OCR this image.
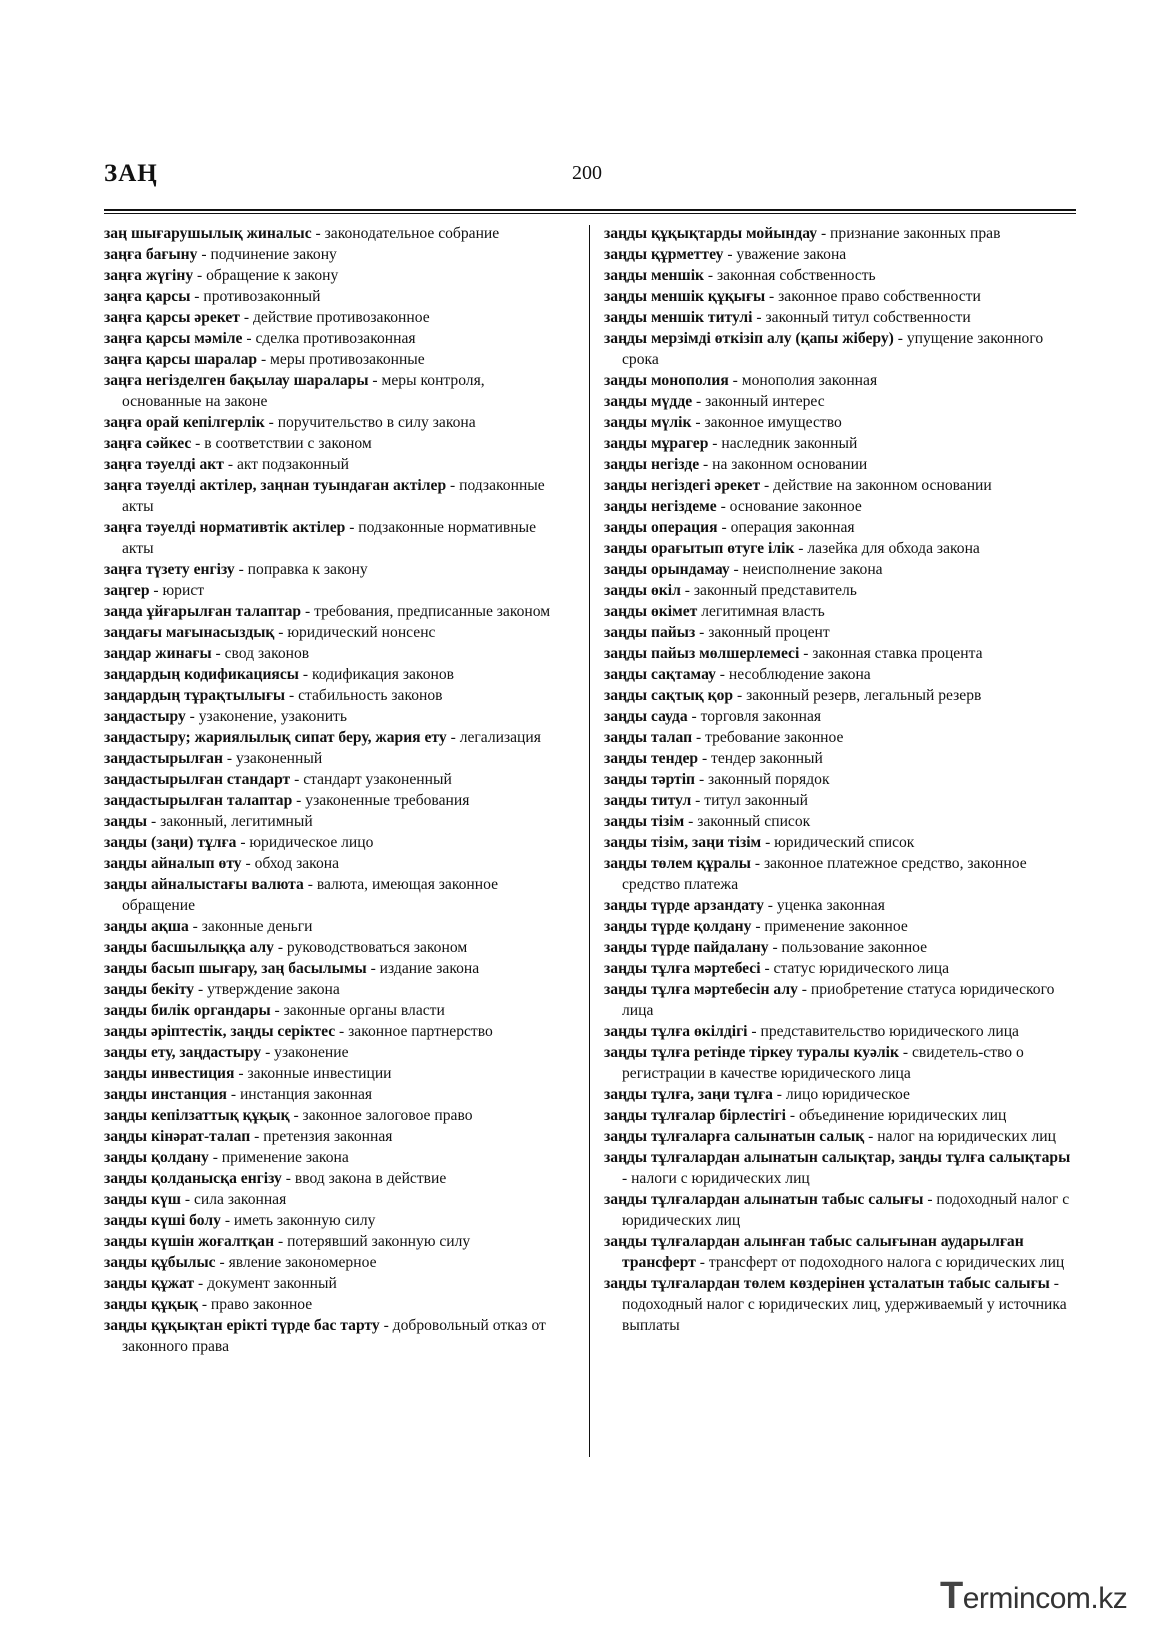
ЗАҢ	200

заң шығарушылық жиналыс - законодательное собрание

заңға бағыну - подчинение закону

заңға жүгіну - обращение к закону

заңға қарсы - противозаконный

заңға қарсы әрекет - действие противозаконное

заңға қарсы мәміле - сделка противозаконная

заңға қарсы шаралар - меры противозаконные

заңға негізделген бақылау шаралары - меры контроля, основанные на законе

заңға орай кепілгерлік - поручительство в силу закона

заңға сәйкес - в соответствии с законом

заңға тәуелді акт - акт подзаконный

заңға тәуелді актілер, заңнан туындаған актілер - подзаконные акты

заңға тәуелді нормативтік актілер - подзаконные нормативные акты

заңға түзету енгізу - поправка к закону

заңгер - юрист

заңда ұйғарылған талаптар - требования, предписанные законом

заңдағы мағынасыздық - юридический нонсенс

заңдар жинағы - свод законов

заңдардың кодификациясы - кодификация законов

заңдардың тұрақтылығы - стабильность законов

заңдастыру - узаконение, узаконить

заңдастыру; жариялылық сипат беру, жария ету - легализация

заңдастырылған - узаконенный

заңдастырылған стандарт - стандарт узаконенный

заңдастырылған талаптар - узаконенные требования

заңды - законный, легитимный

заңды (заңи) тұлға - юридическое лицо

заңды айналып өту - обход закона

заңды айналыстағы валюта - валюта, имеющая законное обращение

заңды ақша - законные деньги

заңды басшылыққа алу - руководствоваться законом

заңды басып шығару, заң басылымы - издание закона

заңды бекіту - утверждение закона

заңды билік органдары - законные органы власти

заңды әріптестік, заңды серіктес - законное партнерство

заңды ету, заңдастыру - узаконение

заңды инвестиция - законные инвестиции

заңды инстанция - инстанция законная

заңды кепілзаттық құқық - законное залоговое право

заңды кінәрат-талап - претензия законная

заңды қолдану - применение закона

заңды қолданысқа енгізу - ввод закона в действие

заңды күш - сила законная

заңды күші болу - иметь законную силу

заңды күшін жоғалтқан - потерявший законную силу

заңды құбылыс - явление закономерное

заңды құжат - документ законный

заңды құқық - право законное

заңды құқықтан ерікті түрде бас тарту - добровольный отказ от законного права

заңды құқықтарды мойындау - признание законных прав

заңды құрметтеу - уважение закона

заңды меншік - законная собственность

заңды меншік құқығы - законное право собственности

заңды меншік титулі - законный титул собственности

заңды мерзімді өткізіп алу (қапы жіберу) - упущение законного срока

заңды монополия - монополия законная

заңды мүдде - законный интерес

заңды мүлік - законное имущество

заңды мұрагер - наследник законный

заңды негізде - на законном основании

заңды негіздегі әрекет - действие на законном основании

заңды негіздеме - основание законное

заңды операция - операция законная

заңды орағытып өтуге ілік - лазейка для обхода закона

заңды орындамау - неисполнение закона

заңды өкіл - законный представитель

заңды өкімет легитимная власть

заңды пайыз - законный процент

заңды пайыз мөлшерлемесі - законная ставка процента

заңды сақтамау - несоблюдение закона

заңды сақтық қор - законный резерв, легальный резерв

заңды сауда - торговля законная

заңды талап - требование законное

заңды тендер - тендер законный

заңды тәртіп - законный порядок

заңды титул - титул законный

заңды тізім - законный список

заңды тізім, заңи тізім - юридический список

заңды төлем құралы - законное платежное средство, законное средство платежа

заңды түрде арзандату - уценка законная

заңды түрде қолдану - применение законное

заңды түрде пайдалану - пользование законное

заңды тұлға мәртебесі - статус юридического лица

заңды тұлға мәртебесін алу - приобретение статуса юридического лица

заңды тұлға өкілдігі - представительство юридического лица

заңды тұлға ретінде тіркеу туралы куәлік - свидетель-ство о регистрации в качестве юридического лица

заңды тұлға, заңи тұлға - лицо юридическое

заңды тұлғалар бірлестігі - объединение юридических лиц

заңды тұлғаларға салынатын салық - налог на юридических лиц

заңды тұлғалардан алынатын салықтар, заңды тұлға салықтары - налоги с юридических лиц

заңды тұлғалардан алынатын табыс салығы - подоходный налог с юридических лиц

заңды тұлғалардан алынған табыс салығынан аударылған трансферт - трансферт от подоходного налога с юридических лиц

заңды тұлғалардан төлем көздерінен ұсталатын табыс салығы - подоходный налог с юридических лиц, удерживаемый у источника выплаты

Termincom.kz
